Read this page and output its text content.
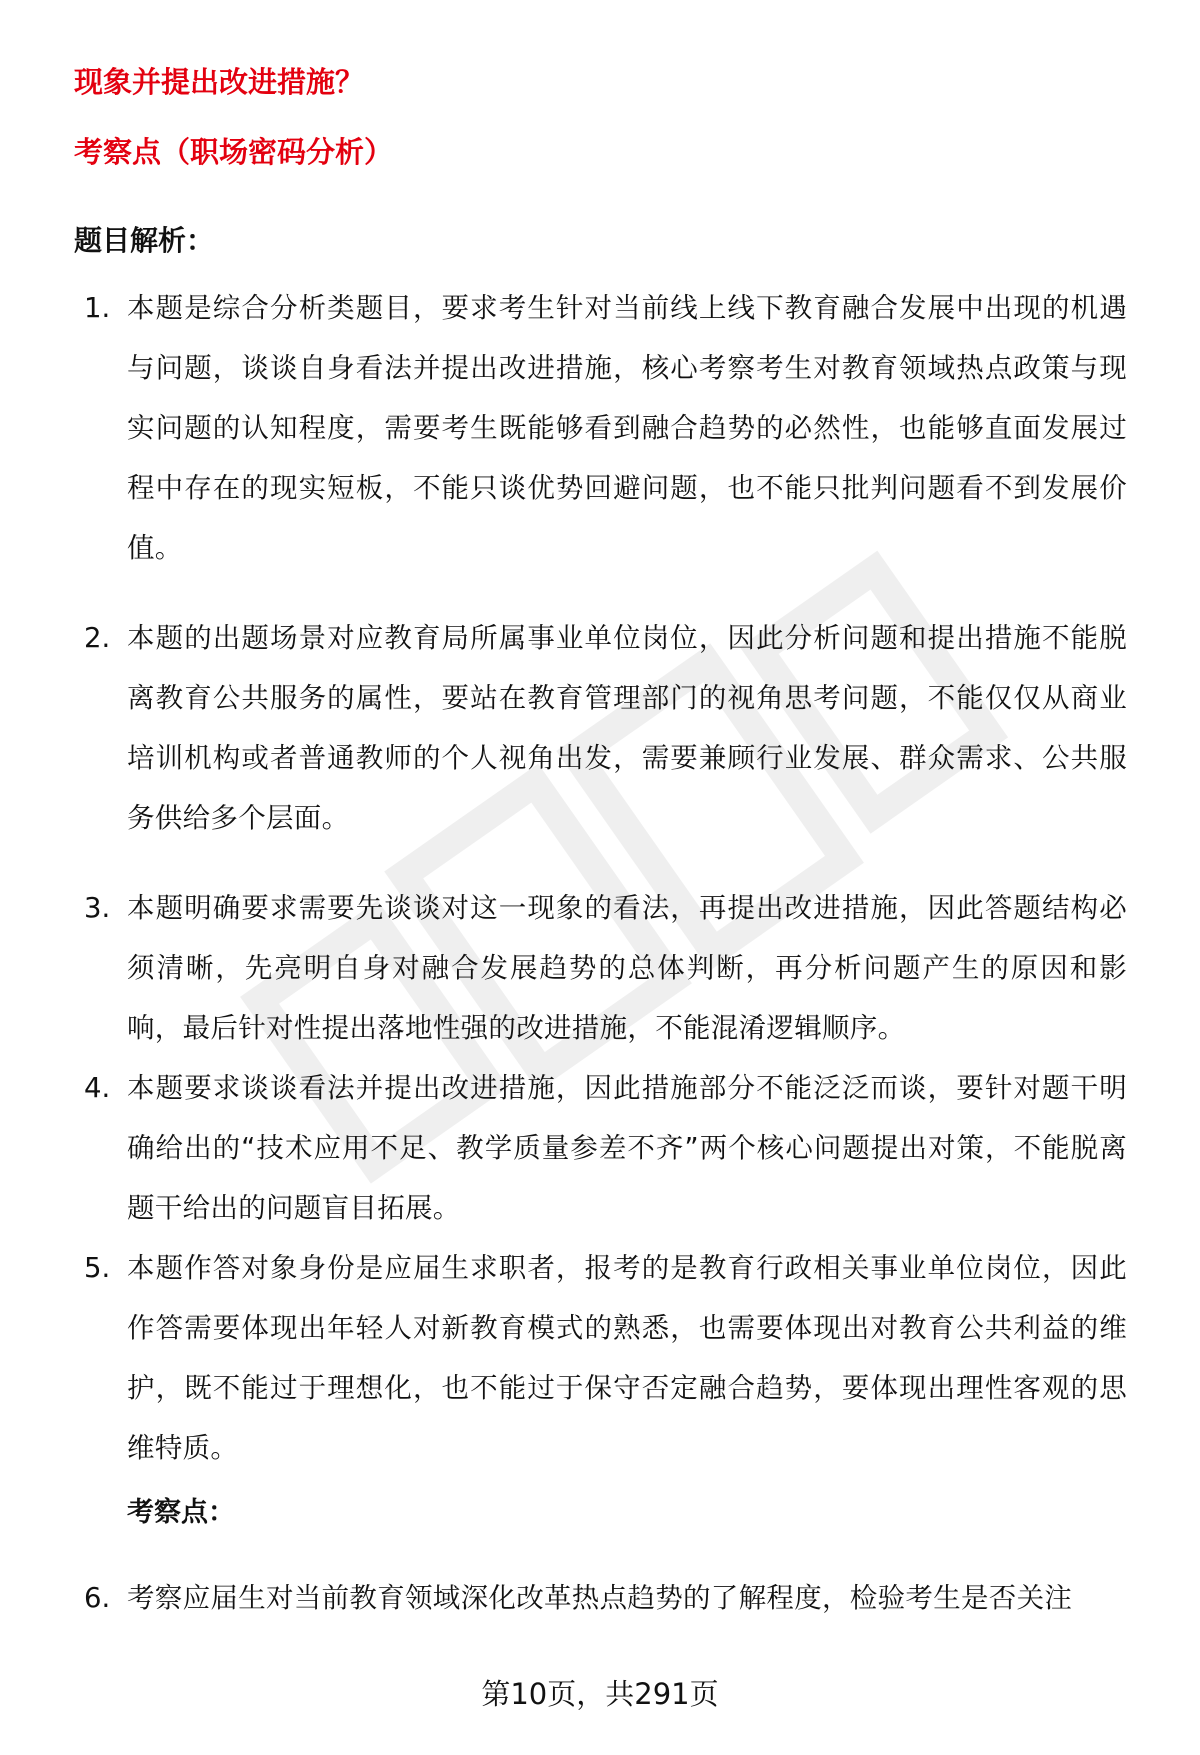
现象并提出改进措施？
考察点（职场密码分析）
题目解析：
1. 本题是综合分析类题目，要求考生针对当前线上线下教育融合发展中出现的机遇与问题，谈谈自身看法并提出改进措施，核心考察考生对教育领域热点政策与现实问题的认知程度，需要考生既能够看到融合趋势的必然性，也能够直面发展过程中存在的现实短板，不能只谈优势回避问题，也不能只批判问题看不到发展价值。
2. 本题的出题场景对应教育局所属事业单位岗位，因此分析问题和提出措施不能脱离教育公共服务的属性，要站在教育管理部门的视角思考问题，不能仅仅从商业培训机构或者普通教师的个人视角出发，需要兼顾行业发展、群众需求、公共服务供给多个层面。
3. 本题明确要求需要先谈谈对这一现象的看法，再提出改进措施，因此答题结构必须清晰，先亮明自身对融合发展趋势的总体判断，再分析问题产生的原因和影响，最后针对性提出落地性强的改进措施，不能混淆逻辑顺序。
4. 本题要求谈谈看法并提出改进措施，因此措施部分不能泛泛而谈，要针对题干明确给出的“技术应用不足、教学质量参差不齐”两个核心问题提出对策，不能脱离题干给出的问题盲目拓展。
5. 本题作答对象身份是应届生求职者，报考的是教育行政相关事业单位岗位，因此作答需要体现出年轻人对新教育模式的熟悉，也需要体现出对教育公共利益的维护，既不能过于理想化，也不能过于保守否定融合趋势，要体现出理性客观的思维特质。
考察点：
6. 考察应届生对当前教育领域深化改革热点趋势的了解程度，检验考生是否关注
第10页，共291页
